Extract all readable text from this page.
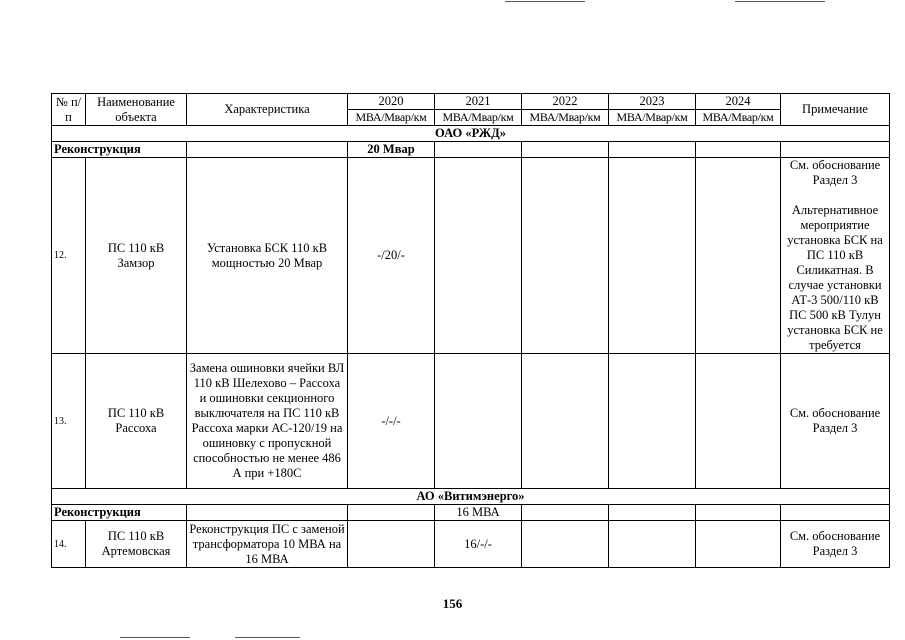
№ п/п	Наименование объекта	Характеристика	2020	2021	2022	2023	2024	Примечание
			МВА/Мвар/км	МВА/Мвар/км	МВА/Мвар/км	МВА/Мвар/км	МВА/Мвар/км	
ОАО «РЖД»								
Реконструкция			20 Мвар					
12.	ПС 110 кВ Замзор	Установка БСК 110 кВ мощностью 20 Мвар	-/20/-					См. обоснование Раздел 3
Альтернативное мероприятие установка БСК на ПС 110 кВ Силикатная. В случае установки АТ-3 500/110 кВ ПС 500 кВ Тулун установка БСК не требуется

13.	ПС 110 кВ Рассоха	Замена ошиновки ячейки ВЛ 110 кВ Шелехово – Рассоха и ошиновки секционного выключателя на ПС 110 кВ Рассоха марки АС-120/19 на ошиновку с пропускной способностью не менее 486 А при +180С	-/-/-					См. обоснование Раздел 3
АО «Витимэнерго»								
Реконструкция				16 МВА				
14.	ПС 110 кВ Артемовская	Реконструкция ПС с заменой трансформатора 10 МВА на 16 МВА		16/-/-				См. обоснование Раздел 3
156
